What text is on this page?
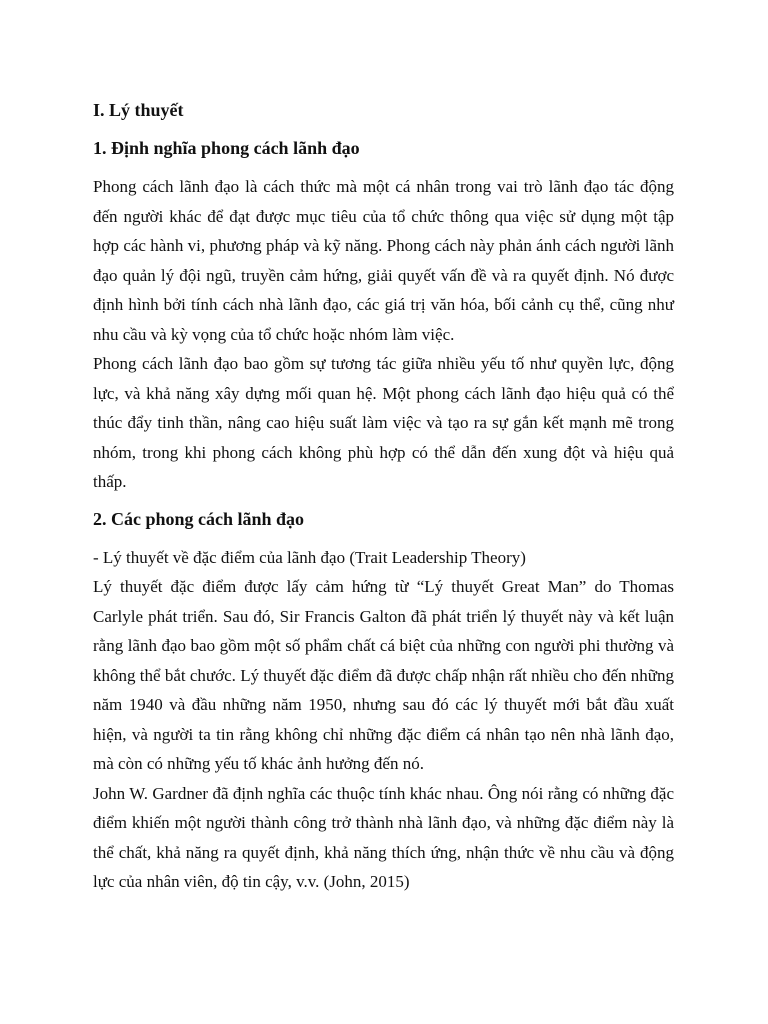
I. Lý thuyết
1. Định nghĩa phong cách lãnh đạo

Phong cách lãnh đạo là cách thức mà một cá nhân trong vai trò lãnh đạo tác động đến người khác để đạt được mục tiêu của tổ chức thông qua việc sử dụng một tập hợp các hành vi, phương pháp và kỹ năng. Phong cách này phản ánh cách người lãnh đạo quản lý đội ngũ, truyền cảm hứng, giải quyết vấn đề và ra quyết định. Nó được định hình bởi tính cách nhà lãnh đạo, các giá trị văn hóa, bối cảnh cụ thể, cũng như nhu cầu và kỳ vọng của tổ chức hoặc nhóm làm việc.

Phong cách lãnh đạo bao gồm sự tương tác giữa nhiều yếu tố như quyền lực, động lực, và khả năng xây dựng mối quan hệ. Một phong cách lãnh đạo hiệu quả có thể thúc đẩy tinh thần, nâng cao hiệu suất làm việc và tạo ra sự gắn kết mạnh mẽ trong nhóm, trong khi phong cách không phù hợp có thể dẫn đến xung đột và hiệu quả thấp.

2. Các phong cách lãnh đạo

- Lý thuyết về đặc điểm của lãnh đạo (Trait Leadership Theory)

Lý thuyết đặc điểm được lấy cảm hứng từ “Lý thuyết Great Man” do Thomas Carlyle phát triển. Sau đó, Sir Francis Galton đã phát triển lý thuyết này và kết luận rằng lãnh đạo bao gồm một số phẩm chất cá biệt của những con người phi thường và không thể bắt chước. Lý thuyết đặc điểm đã được chấp nhận rất nhiều cho đến những năm 1940 và đầu những năm 1950, nhưng sau đó các lý thuyết mới bắt đầu xuất hiện, và người ta tin rằng không chỉ những đặc điểm cá nhân tạo nên nhà lãnh đạo, mà còn có những yếu tố khác ảnh hưởng đến nó.

John W. Gardner đã định nghĩa các thuộc tính khác nhau. Ông nói rằng có những đặc điểm khiến một người thành công trở thành nhà lãnh đạo, và những đặc điểm này là thể chất, khả năng ra quyết định, khả năng thích ứng, nhận thức về nhu cầu và động lực của nhân viên, độ tin cậy, v.v. (John, 2015)
